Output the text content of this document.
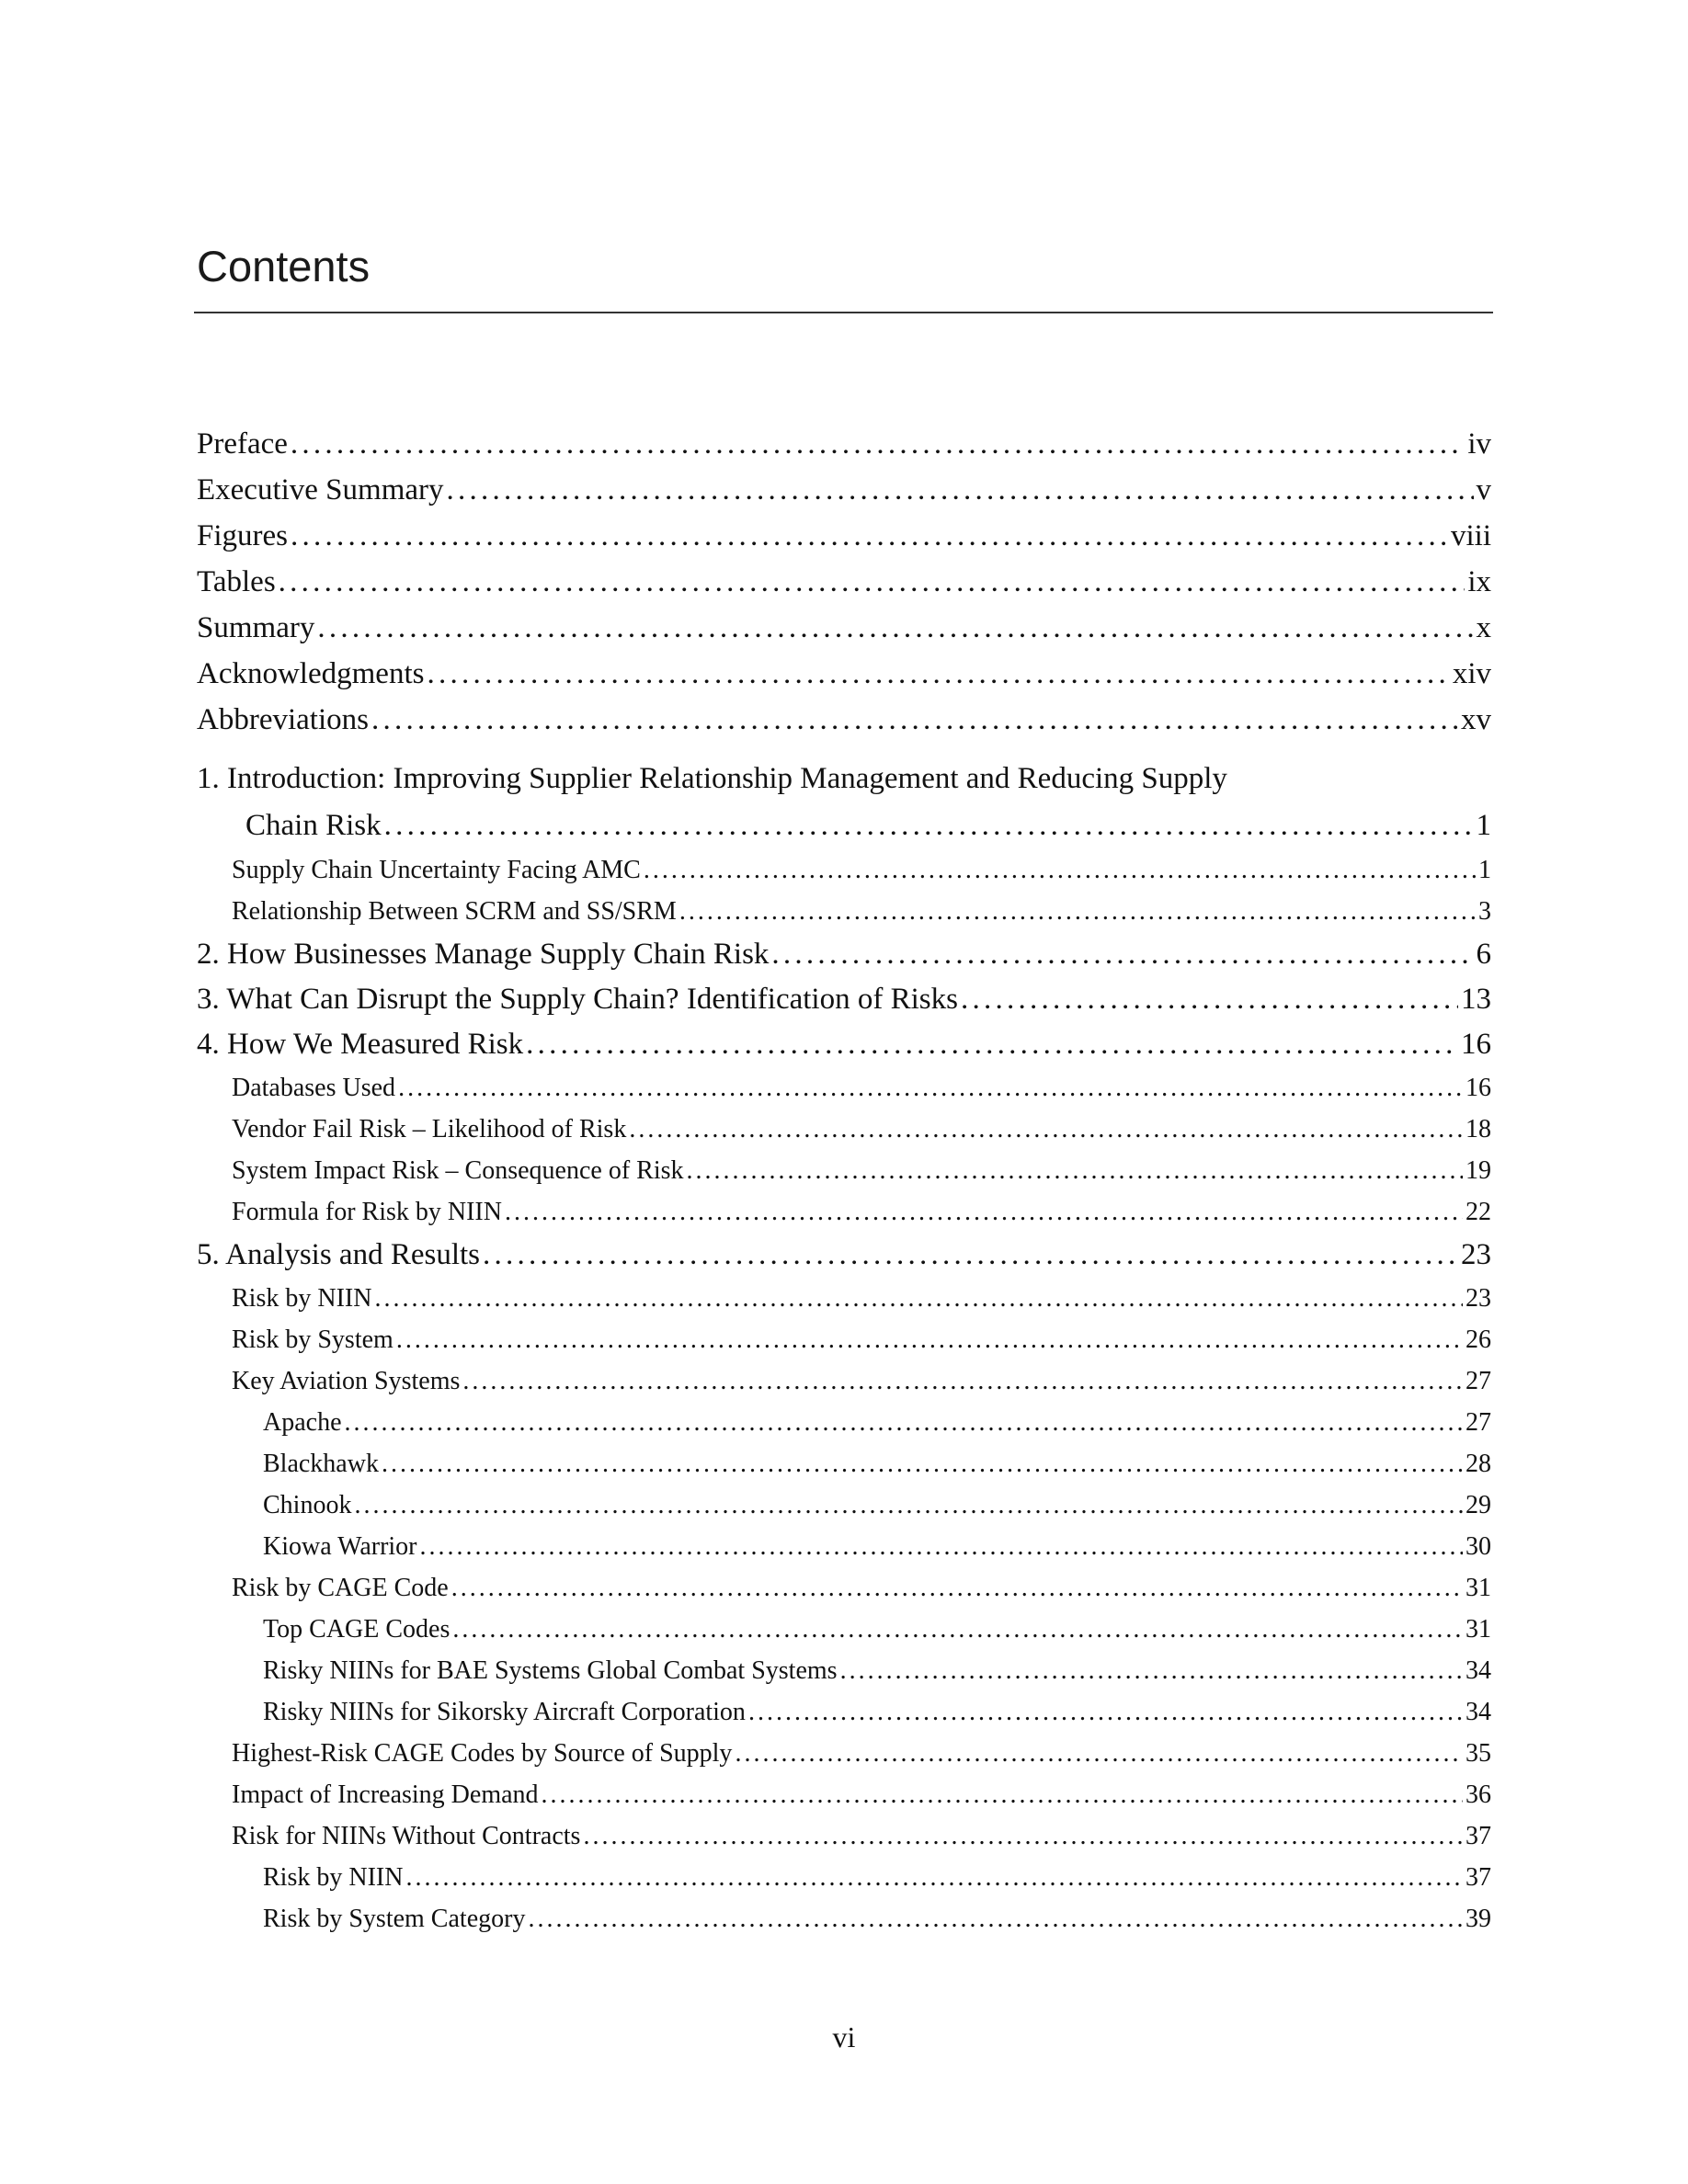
Contents
Preface . . .	iv
Executive Summary . . .	v
Figures . . .	viii
Tables . . .	ix
Summary . . .	x
Acknowledgments . . .	xiv
Abbreviations . . .	xv
1. Introduction: Improving Supplier Relationship Management and Reducing Supply
Chain Risk . . .	1
Supply Chain Uncertainty Facing AMC . . .	1
Relationship Between SCRM and SS/SRM . . .	3
2. How Businesses Manage Supply Chain Risk . . .	6
3. What Can Disrupt the Supply Chain? Identification of Risks . . .	13
4. How We Measured Risk . . .	16
Databases Used . . .	16
Vendor Fail Risk – Likelihood of Risk . . .	18
System Impact Risk – Consequence of Risk . . .	19
Formula for Risk by NIIN . . .	22
5. Analysis and Results . . .	23
Risk by NIIN . . .	23
Risk by System . . .	26
Key Aviation Systems . . .	27
Apache . . .	27
Blackhawk . . .	28
Chinook . . .	29
Kiowa Warrior . . .	30
Risk by CAGE Code . . .	31
Top CAGE Codes . . .	31
Risky NIINs for BAE Systems Global Combat Systems . . .	34
Risky NIINs for Sikorsky Aircraft Corporation . . .	34
Highest-Risk CAGE Codes by Source of Supply . . .	35
Impact of Increasing Demand . . .	36
Risk for NIINs Without Contracts . . .	37
Risk by NIIN . . .	37
Risk by System Category . . .	39
vi
